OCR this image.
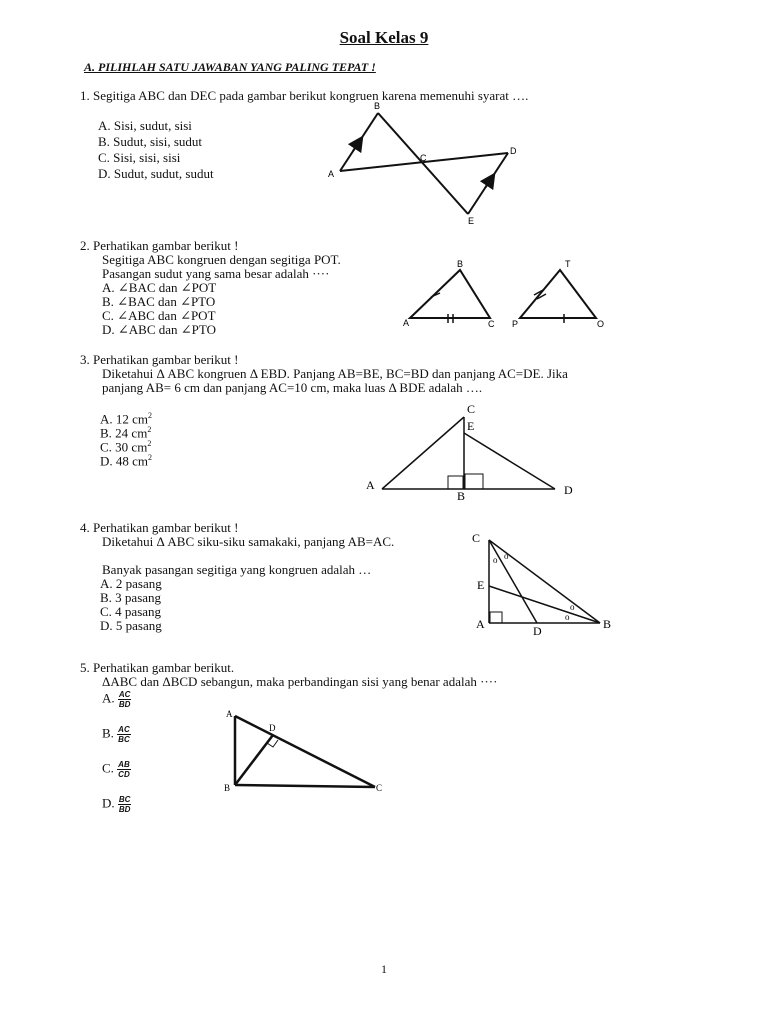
Soal Kelas 9
A. PILIHLAH SATU JAWABAN YANG PALING TEPAT !
1. Segitiga ABC dan DEC pada gambar berikut kongruen karena memenuhi syarat ….
A. Sisi, sudut, sisi
B. Sudut, sisi, sudut
C. Sisi, sisi, sisi
D. Sudut, sudut, sudut
B
A
C
D
E
2. Perhatikan gambar berikut !
Segitiga ABC kongruen dengan segitiga POT.
Pasangan sudut yang sama besar adalah ····
A. ∠BAC dan ∠POT
B. ∠BAC dan ∠PTO
C. ∠ABC dan ∠POT
D. ∠ABC dan ∠PTO
B
A	C
T
P	O
3. Perhatikan gambar berikut !
Diketahui Δ ABC kongruen Δ EBD. Panjang AB=BE, BC=BD dan panjang AC=DE. Jika
panjang AB= 6 cm dan panjang AC=10 cm, maka luas Δ BDE adalah ….
A. 12 $cm^2$
B. 24 $cm^2$
C. 30 $cm^2$
D. 48 $cm^2$
C
E
A
B	D
4. Perhatikan gambar berikut !
Diketahui Δ ABC siku-siku samakaki, panjang AB=AC.
Banyak pasangan segitiga yang kongruen adalah …
A. 2 pasang
B. 3 pasang
C. 4 pasang
D. 5 pasang
C
E
A	D	B
o o
o
o
5. Perhatikan gambar berikut.
ΔABC dan ΔBCD sebangun, maka perbandingan sisi yang benar adalah ····
A. $\frac{AC}{BD}$
B. $\frac{AC}{BC}$
C. $\frac{AB}{CD}$
D. $\frac{BC}{BD}$
A
D
B	C
1
